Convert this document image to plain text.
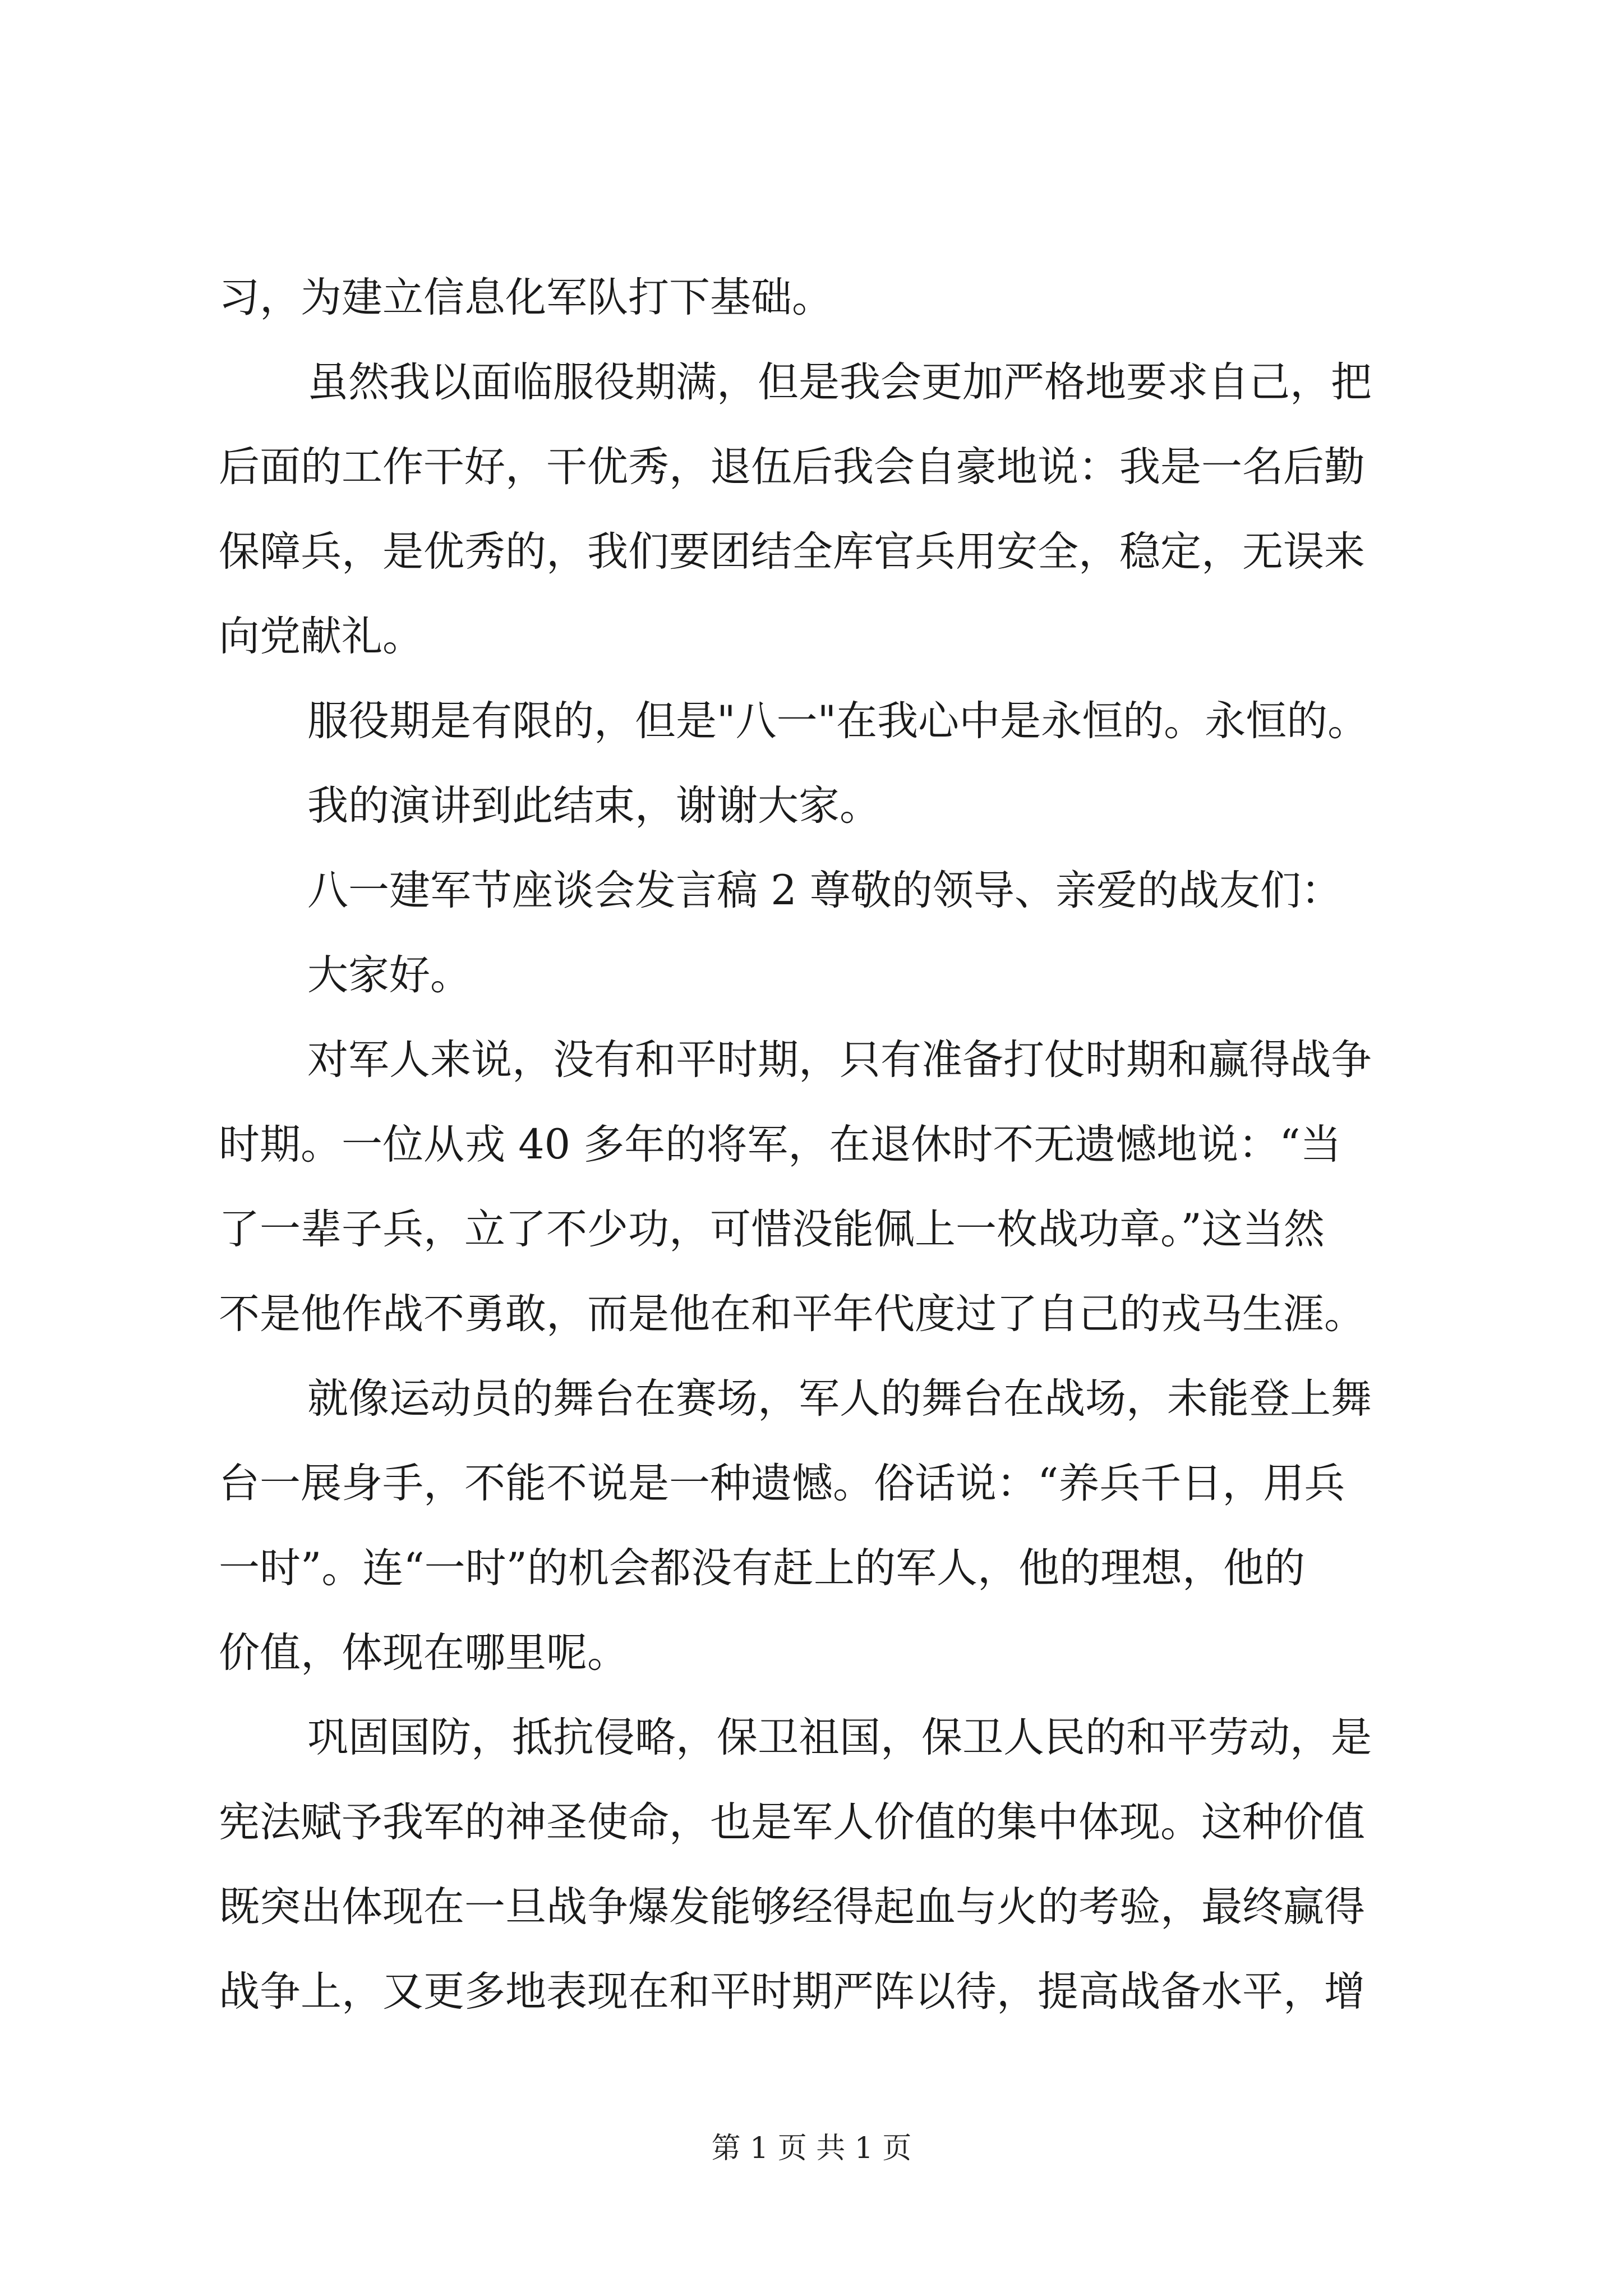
习，为建立信息化军队打下基础。
虽然我以面临服役期满，但是我会更加严格地要求自己，把
后面的工作干好，干优秀，退伍后我会自豪地说：我是一名后勤
保障兵，是优秀的，我们要团结全库官兵用安全，稳定，无误来
向党献礼。
服役期是有限的，但是"八一"在我心中是永恒的。永恒的。
我的演讲到此结束，谢谢大家。
八一建军节座谈会发言稿 2 尊敬的领导、亲爱的战友们：
大家好。
对军人来说，没有和平时期，只有准备打仗时期和赢得战争
时期。一位从戎 40 多年的将军，在退休时不无遗憾地说：“当
了一辈子兵，立了不少功，可惜没能佩上一枚战功章。”这当然
不是他作战不勇敢，而是他在和平年代度过了自己的戎马生涯。
就像运动员的舞台在赛场，军人的舞台在战场，未能登上舞
台一展身手，不能不说是一种遗憾。俗话说：“养兵千日，用兵
一时”。连“一时”的机会都没有赶上的军人，他的理想，他的
价值，体现在哪里呢。
巩固国防，抵抗侵略，保卫祖国，保卫人民的和平劳动，是
宪法赋予我军的神圣使命，也是军人价值的集中体现。这种价值
既突出体现在一旦战争爆发能够经得起血与火的考验，最终赢得
战争上，又更多地表现在和平时期严阵以待，提高战备水平，增
第 1 页 共 1 页
